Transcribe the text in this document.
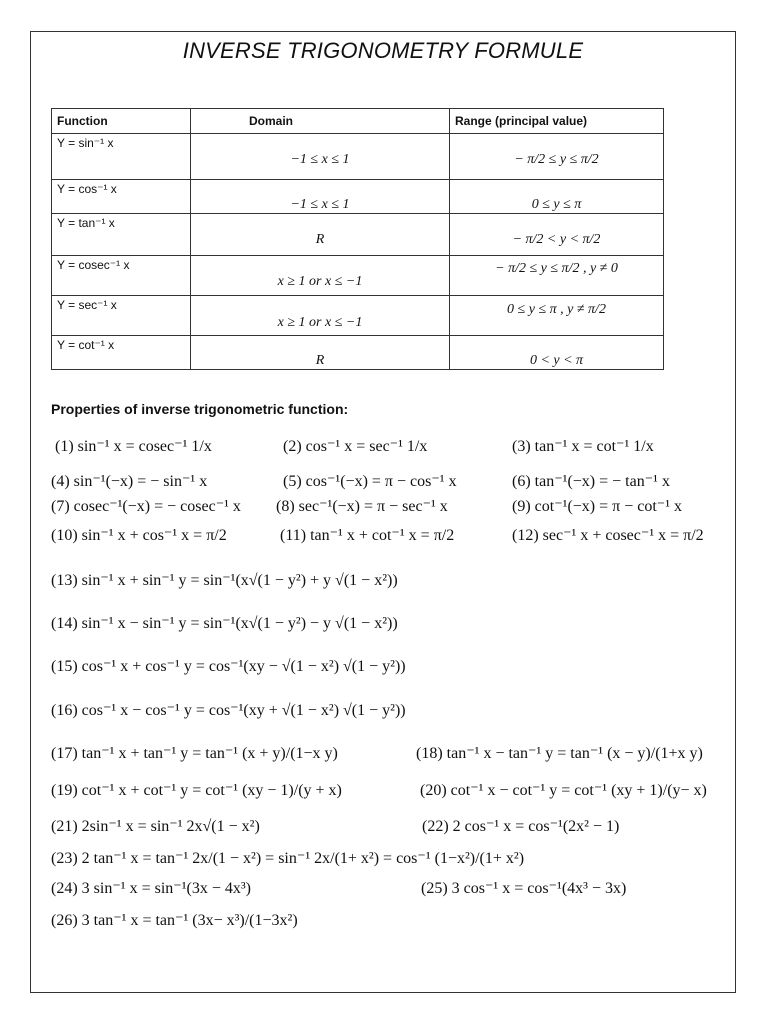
INVERSE TRIGONOMETRY FORMULE
Function	Domain	Range (principal value)

Y = sin⁻¹ x	−1 ≤ x ≤ 1	− π/2 ≤ y ≤ π/2

Y = cos⁻¹ x	−1 ≤ x ≤ 1	0 ≤ y ≤ π

Y = tan⁻¹ x	R	− π/2 < y < π/2

Y = cosec⁻¹ x	x ≥ 1 or x ≤ −1	− π/2 ≤ y ≤ π/2 , y ≠ 0

Y = sec⁻¹ x	x ≥ 1 or x ≤ −1	0 ≤ y ≤ π , y ≠ π/2

Y = cot⁻¹ x	R	0 < y < π
Properties of inverse trigonometric function:
(1) sin⁻¹ x = cosec⁻¹ 1/x	(2) cos⁻¹ x = sec⁻¹ 1/x	(3) tan⁻¹ x = cot⁻¹ 1/x
(4) sin⁻¹(−x) = − sin⁻¹ x	(5) cos⁻¹(−x) = π − cos⁻¹ x	(6) tan⁻¹(−x) = − tan⁻¹ x
(7) cosec⁻¹(−x) = − cosec⁻¹ x (8) sec⁻¹(−x) = π − sec⁻¹ x	(9) cot⁻¹(−x) = π − cot⁻¹ x
(10) sin⁻¹ x + cos⁻¹ x = π/2	(11) tan⁻¹ x + cot⁻¹ x = π/2	(12) sec⁻¹ x + cosec⁻¹ x = π/2
(13) sin⁻¹ x + sin⁻¹ y = sin⁻¹(x√(1 − y²) + y √(1 − x²))
(14) sin⁻¹ x − sin⁻¹ y = sin⁻¹(x√(1 − y²) − y √(1 − x²))
(15) cos⁻¹ x + cos⁻¹ y = cos⁻¹(xy − √(1 − x²) √(1 − y²))
(16) cos⁻¹ x − cos⁻¹ y = cos⁻¹(xy + √(1 − x²) √(1 − y²))
(17) tan⁻¹ x + tan⁻¹ y = tan⁻¹ (x + y)/(1−x y)	(18) tan⁻¹ x − tan⁻¹ y = tan⁻¹ (x − y)/(1+x y)
(19) cot⁻¹ x + cot⁻¹ y = cot⁻¹ (xy − 1)/(y + x)	(20) cot⁻¹ x − cot⁻¹ y = cot⁻¹ (xy + 1)/(y− x)
(21) 2sin⁻¹ x = sin⁻¹ 2x√(1 − x²)	(22) 2 cos⁻¹ x = cos⁻¹(2x² − 1)
(23) 2 tan⁻¹ x = tan⁻¹ 2x/(1 − x²) = sin⁻¹ 2x/(1+ x²) = cos⁻¹ (1−x²)/(1+ x²)
(24) 3 sin⁻¹ x = sin⁻¹(3x − 4x³)	(25) 3 cos⁻¹ x = cos⁻¹(4x³ − 3x)
(26) 3 tan⁻¹ x = tan⁻¹ (3x− x³)/(1−3x²)
